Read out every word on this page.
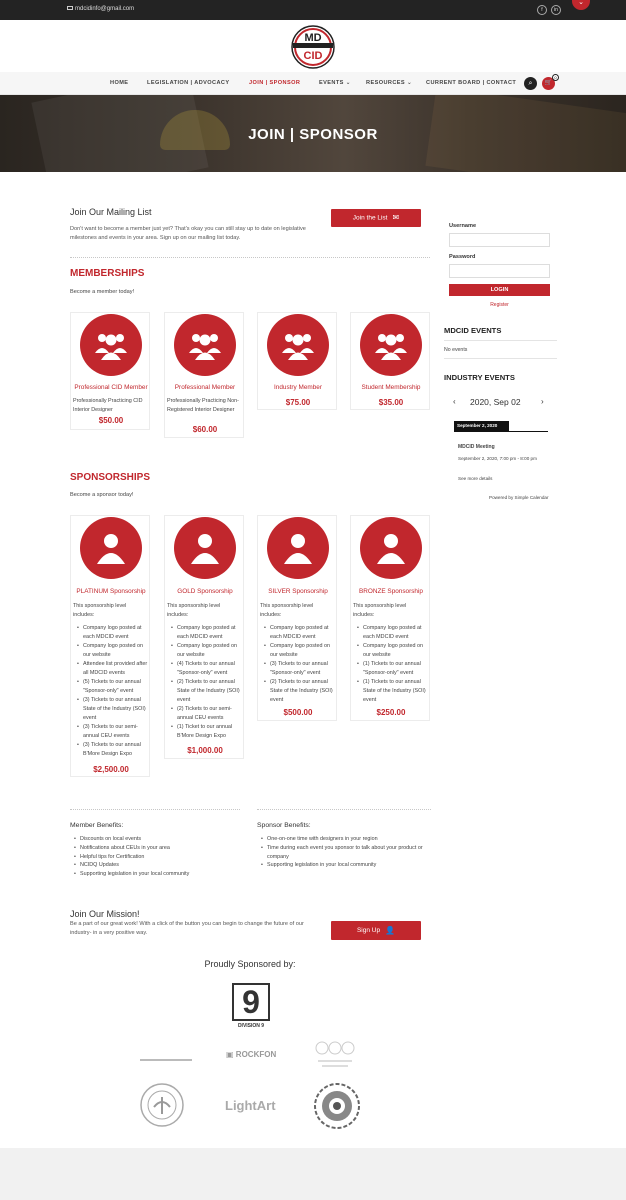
mdcidinfo@gmail.com	f	in
⌄
MD
CID
HOME	LEGISLATION | ADVOCACY	JOIN | SPONSOR	EVENTS ⌄	RESOURCES ⌄ CURRENT BOARD | CONTACT	⌕	🛒
0
JOIN | SPONSOR
Join Our Mailing List
Don't want to become a member just yet? That's okay you can still stay up to date on legislative milestones and events in your area. Sign up on our mailing list today.
Join the List ✉
MEMBERSHIPS
Become a member today!
Professional CID Member
Professionally Practicing CID Interior Designer
$50.00
Professional Member
Professionally Practicing Non-Registered Interior Designer
$60.00
Industry Member
$75.00
Student Membership
$35.00
SPONSORSHIPS
Become a sponsor today!
PLATINUM Sponsorship
This sponsorship level includes:
• Company logo posted at each MDCID event
• Company logo posted on our website
• Attendee list provided after all MDCID events
• (5) Tickets to our annual "Sponsor-only" event
• (3) Tickets to our annual State of the Industry (SOI) event
• (3) Tickets to our semi-annual CEU events
• (3) Tickets to our annual B'More Design Expo
$2,500.00
GOLD Sponsorship
This sponsorship level includes:
• Company logo posted at each MDCID event
• Company logo posted on our website
• (4) Tickets to our annual "Sponsor-only" event
• (2) Tickets to our annual State of the Industry (SOI) event
• (2) Tickets to our semi-annual CEU events
• (1) Ticket to our annual B'More Design Expo
$1,000.00
SILVER Sponsorship
This sponsorship level includes:
• Company logo posted at each MDCID event
• Company logo posted on our website
• (3) Tickets to our annual "Sponsor-only" event
• (2) Tickets to our annual State of the Industry (SOI) event
$500.00
BRONZE Sponsorship
This sponsorship level includes:
• Company logo posted at each MDCID event
• Company logo posted on our website
• (1) Tickets to our annual "Sponsor-only" event
• (1) Tickets to our annual State of the Industry (SOI) event
$250.00
Member Benefits:
• Discounts on local events
• Notifications about CEUs in your area
• Helpful tips for Certification
• NCIDQ Updates
• Supporting legislation in your local community
Sponsor Benefits:
• One-on-one time with designers in your region
• Time during each event you sponsor to talk about your product or company
• Supporting legislation in your local community
Join Our Mission!
Be a part of our great work! With a click of the button you can begin to change the future of our industry- in a very positive way.	Sign Up 👤
Proudly Sponsored by:
9
DIVISION 9
▣ ROCKFON
LightArt
Username
Password
LOGIN
Register
MDCID EVENTS
No events
INDUSTRY EVENTS
‹ 2020, Sep 02	›
September 2, 2020
MDCID Meeting
September 2, 2020, 7:00 pm - 8:00 pm
See more details
Powered by Simple Calendar
